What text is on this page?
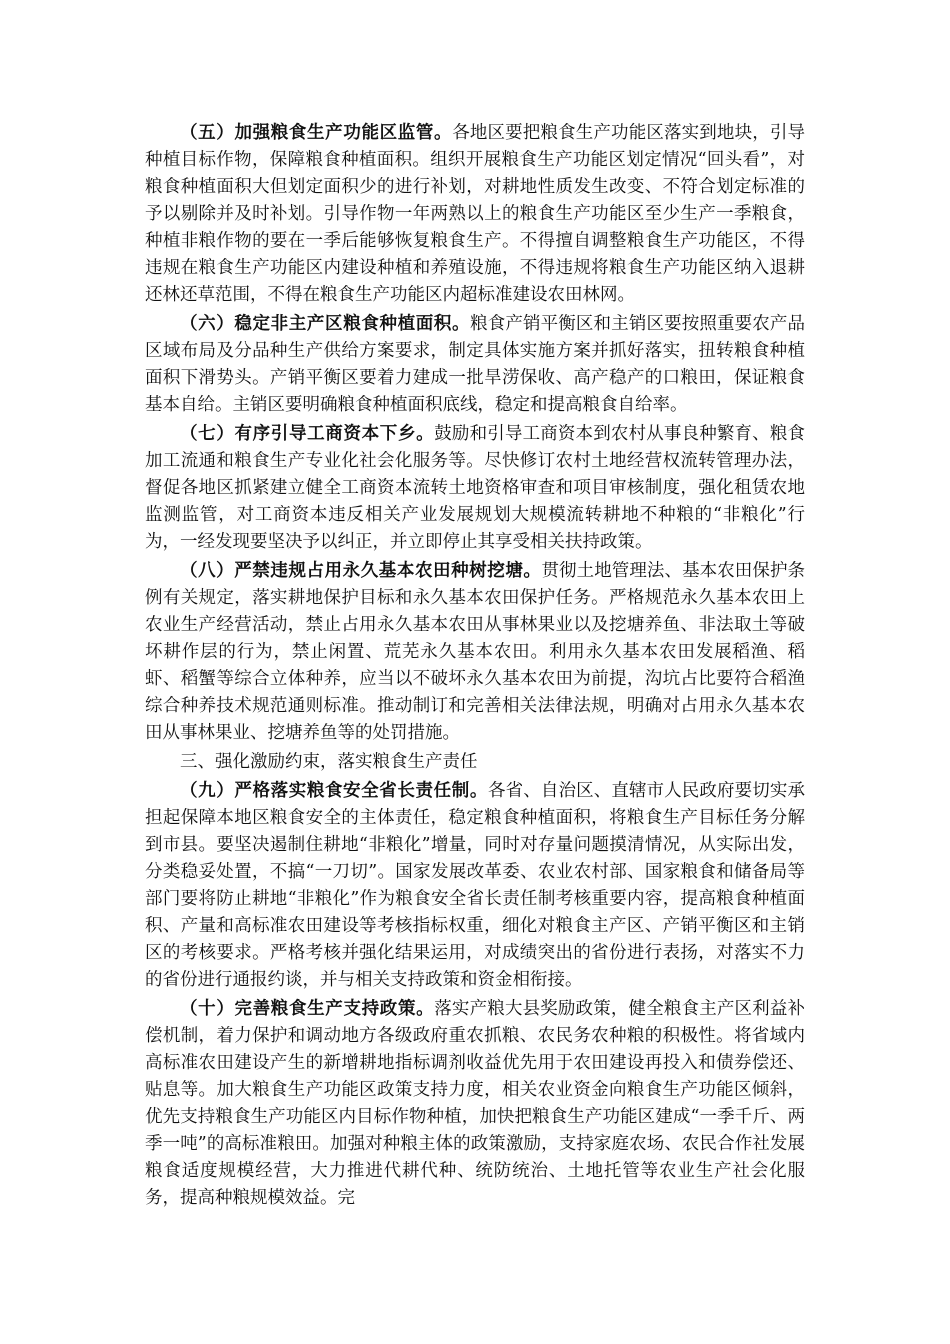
（五）加强粮食生产功能区监管。各地区要把粮食生产功能区落实到地块，引导种植目标作物，保障粮食种植面积。组织开展粮食生产功能区划定情况“回头看”，对粮食种植面积大但划定面积少的进行补划，对耕地性质发生改变、不符合划定标准的予以剔除并及时补划。引导作物一年两熟以上的粮食生产功能区至少生产一季粮食，种植非粮作物的要在一季后能够恢复粮食生产。不得擅自调整粮食生产功能区，不得违规在粮食生产功能区内建设种植和养殖设施，不得违规将粮食生产功能区纳入退耕还林还草范围，不得在粮食生产功能区内超标准建设农田林网。

（六）稳定非主产区粮食种植面积。粮食产销平衡区和主销区要按照重要农产品区域布局及分品种生产供给方案要求，制定具体实施方案并抓好落实，扭转粮食种植面积下滑势头。产销平衡区要着力建成一批旱涝保收、高产稳产的口粮田，保证粮食基本自给。主销区要明确粮食种植面积底线，稳定和提高粮食自给率。

（七）有序引导工商资本下乡。鼓励和引导工商资本到农村从事良种繁育、粮食加工流通和粮食生产专业化社会化服务等。尽快修订农村土地经营权流转管理办法，督促各地区抓紧建立健全工商资本流转土地资格审查和项目审核制度，强化租赁农地监测监管，对工商资本违反相关产业发展规划大规模流转耕地不种粮的“非粮化”行为，一经发现要坚决予以纠正，并立即停止其享受相关扶持政策。

（八）严禁违规占用永久基本农田种树挖塘。贯彻土地管理法、基本农田保护条例有关规定，落实耕地保护目标和永久基本农田保护任务。严格规范永久基本农田上农业生产经营活动，禁止占用永久基本农田从事林果业以及挖塘养鱼、非法取土等破坏耕作层的行为，禁止闲置、荒芜永久基本农田。利用永久基本农田发展稻渔、稻虾、稻蟹等综合立体种养，应当以不破坏永久基本农田为前提，沟坑占比要符合稻渔综合种养技术规范通则标准。推动制订和完善相关法律法规，明确对占用永久基本农田从事林果业、挖塘养鱼等的处罚措施。

三、强化激励约束，落实粮食生产责任

（九）严格落实粮食安全省长责任制。各省、自治区、直辖市人民政府要切实承担起保障本地区粮食安全的主体责任，稳定粮食种植面积，将粮食生产目标任务分解到市县。要坚决遏制住耕地“非粮化”增量，同时对存量问题摸清情况，从实际出发，分类稳妥处置，不搞“一刀切”。国家发展改革委、农业农村部、国家粮食和储备局等部门要将防止耕地“非粮化”作为粮食安全省长责任制考核重要内容，提高粮食种植面积、产量和高标准农田建设等考核指标权重，细化对粮食主产区、产销平衡区和主销区的考核要求。严格考核并强化结果运用，对成绩突出的省份进行表扬，对落实不力的省份进行通报约谈，并与相关支持政策和资金相衔接。

（十）完善粮食生产支持政策。落实产粮大县奖励政策，健全粮食主产区利益补偿机制，着力保护和调动地方各级政府重农抓粮、农民务农种粮的积极性。将省域内高标准农田建设产生的新增耕地指标调剂收益优先用于农田建设再投入和债券偿还、贴息等。加大粮食生产功能区政策支持力度，相关农业资金向粮食生产功能区倾斜，优先支持粮食生产功能区内目标作物种植，加快把粮食生产功能区建成“一季千斤、两季一吨”的高标准粮田。加强对种粮主体的政策激励，支持家庭农场、农民合作社发展粮食适度规模经营，大力推进代耕代种、统防统治、土地托管等农业生产社会化服务，提高种粮规模效益。完
